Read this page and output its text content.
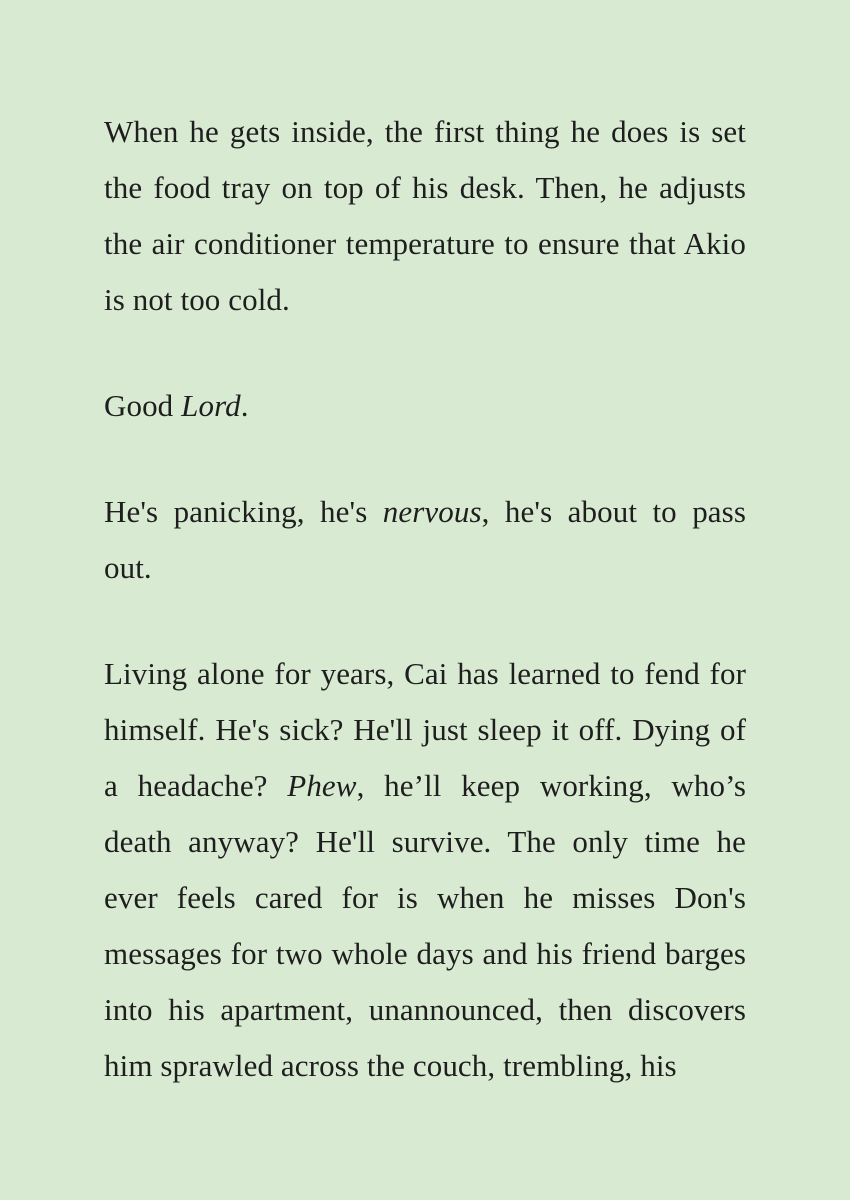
When he gets inside, the first thing he does is set the food tray on top of his desk. Then, he adjusts the air conditioner temperature to ensure that Akio is not too cold.

Good Lord.

He's panicking, he's nervous, he's about to pass out.

Living alone for years, Cai has learned to fend for himself. He's sick? He'll just sleep it off. Dying of a headache? Phew, he’ll keep working, who’s death anyway? He'll survive. The only time he ever feels cared for is when he misses Don's messages for two whole days and his friend barges into his apartment, unannounced, then discovers him sprawled across the couch, trembling, his
